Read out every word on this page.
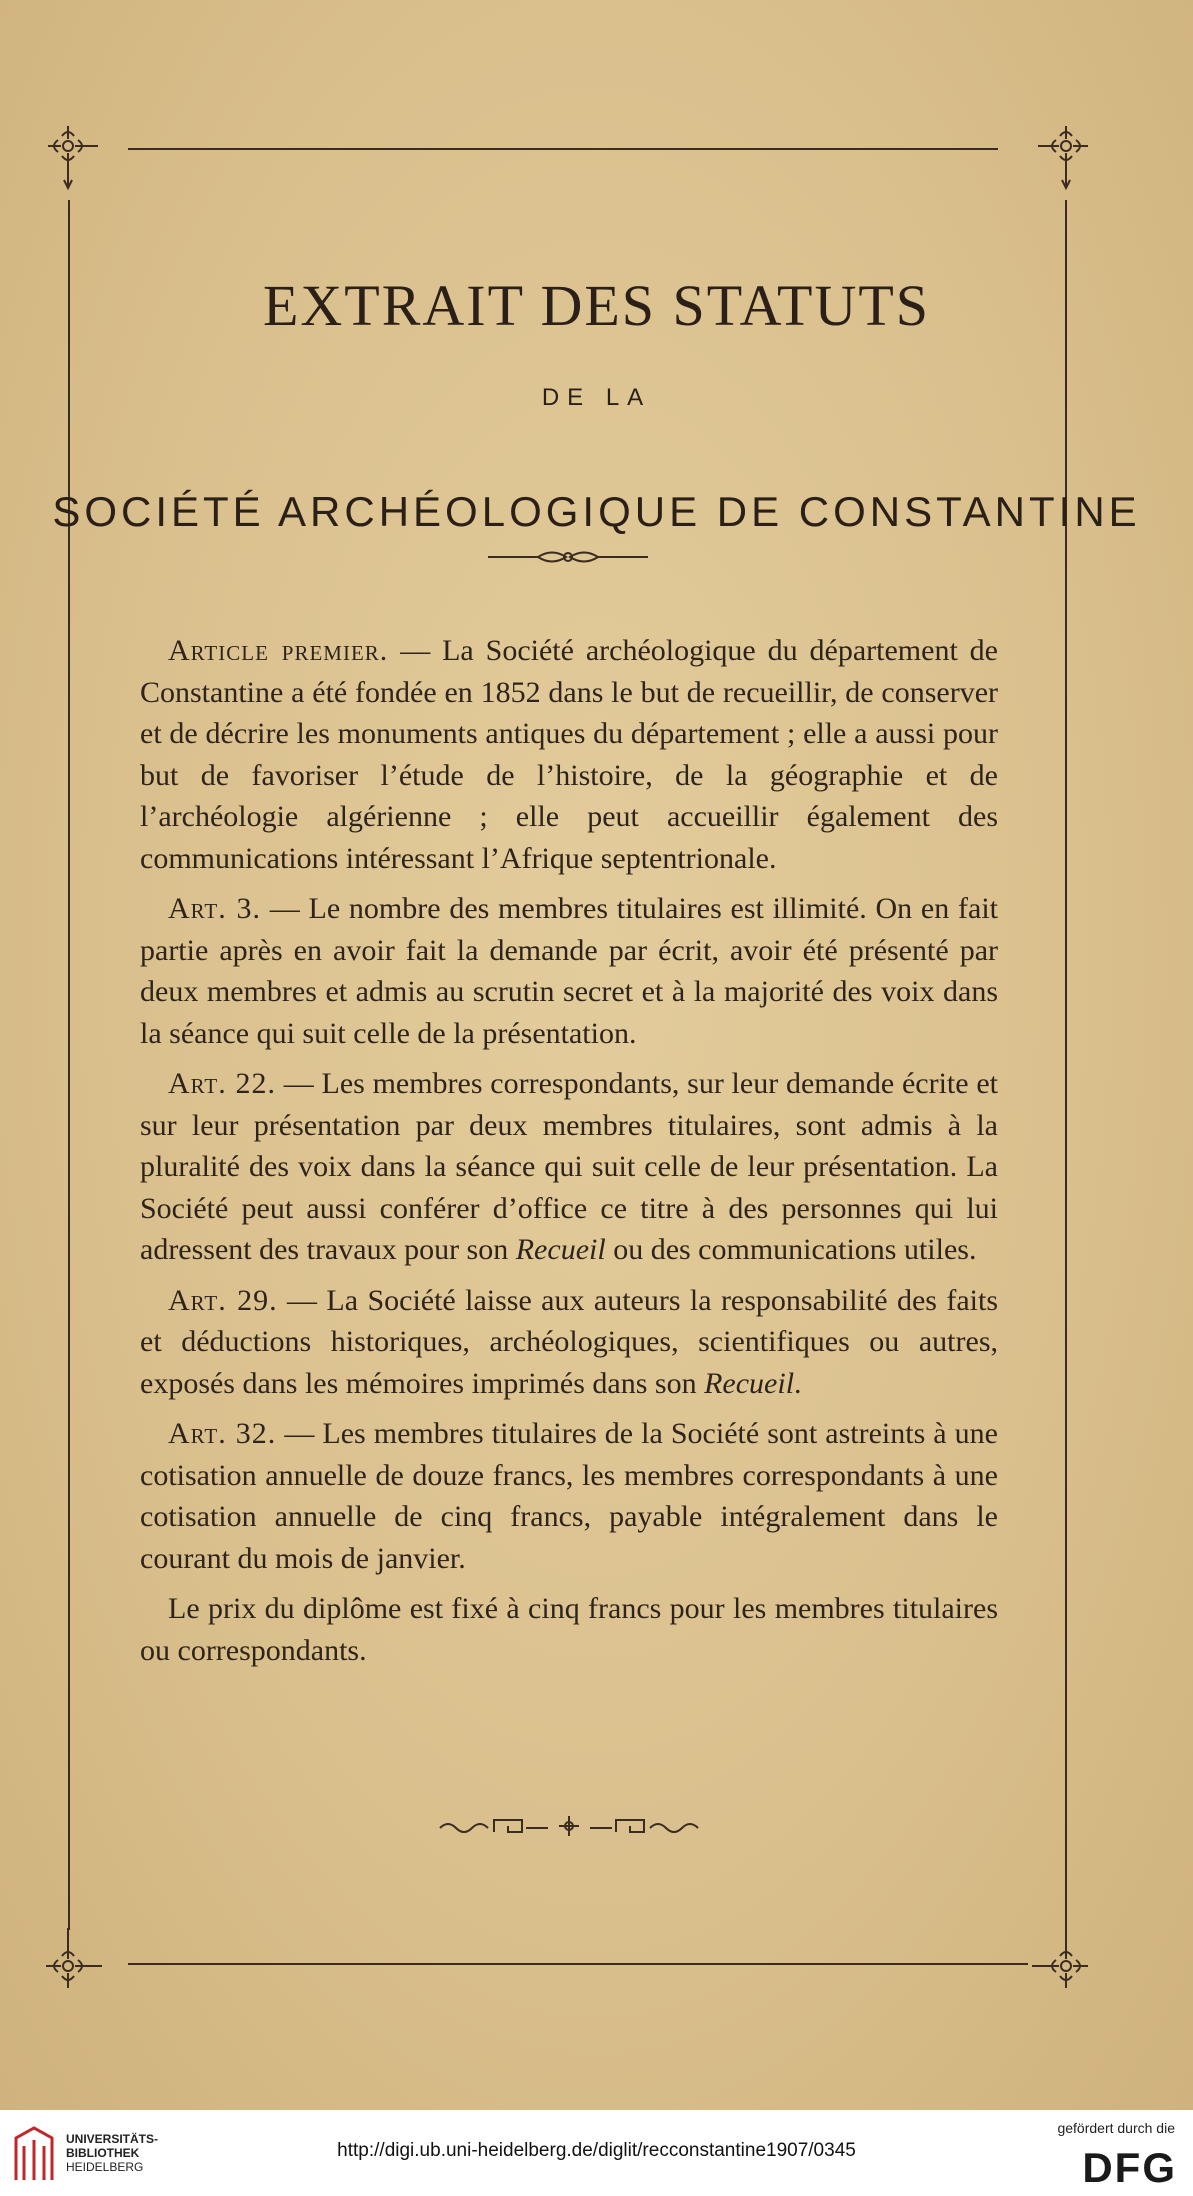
EXTRAIT DES STATUTS
DE LA
SOCIÉTÉ ARCHÉOLOGIQUE DE CONSTANTINE

Article premier. — La Société archéologique du département de Constantine a été fondée en 1852 dans le but de recueillir, de conserver et de décrire les monuments antiques du département ; elle a aussi pour but de favoriser l’étude de l’histoire, de la géographie et de l’archéologie algérienne ; elle peut accueillir également des communications intéressant l’Afrique septentrionale.

Art. 3. — Le nombre des membres titulaires est illimité. On en fait partie après en avoir fait la demande par écrit, avoir été présenté par deux membres et admis au scrutin secret et à la majorité des voix dans la séance qui suit celle de la présentation.

Art. 22. — Les membres correspondants, sur leur demande écrite et sur leur présentation par deux membres titulaires, sont admis à la pluralité des voix dans la séance qui suit celle de leur présentation. La Société peut aussi conférer d’office ce titre à des personnes qui lui adressent des travaux pour son Recueil ou des communications utiles.

Art. 29. — La Société laisse aux auteurs la responsabilité des faits et déductions historiques, archéologiques, scientifiques ou autres, exposés dans les mémoires imprimés dans son Recueil.

Art. 32. — Les membres titulaires de la Société sont astreints à une cotisation annuelle de douze francs, les membres correspondants à une cotisation annuelle de cinq francs, payable intégralement dans le courant du mois de janvier.

Le prix du diplôme est fixé à cinq francs pour les membres titulaires ou correspondants.

UNIVERSITÄTS-
BIBLIOTHEK
HEIDELBERG
http://digi.ub.uni-heidelberg.de/diglit/recconstantine1907/0345
gefördert durch die
DFG
